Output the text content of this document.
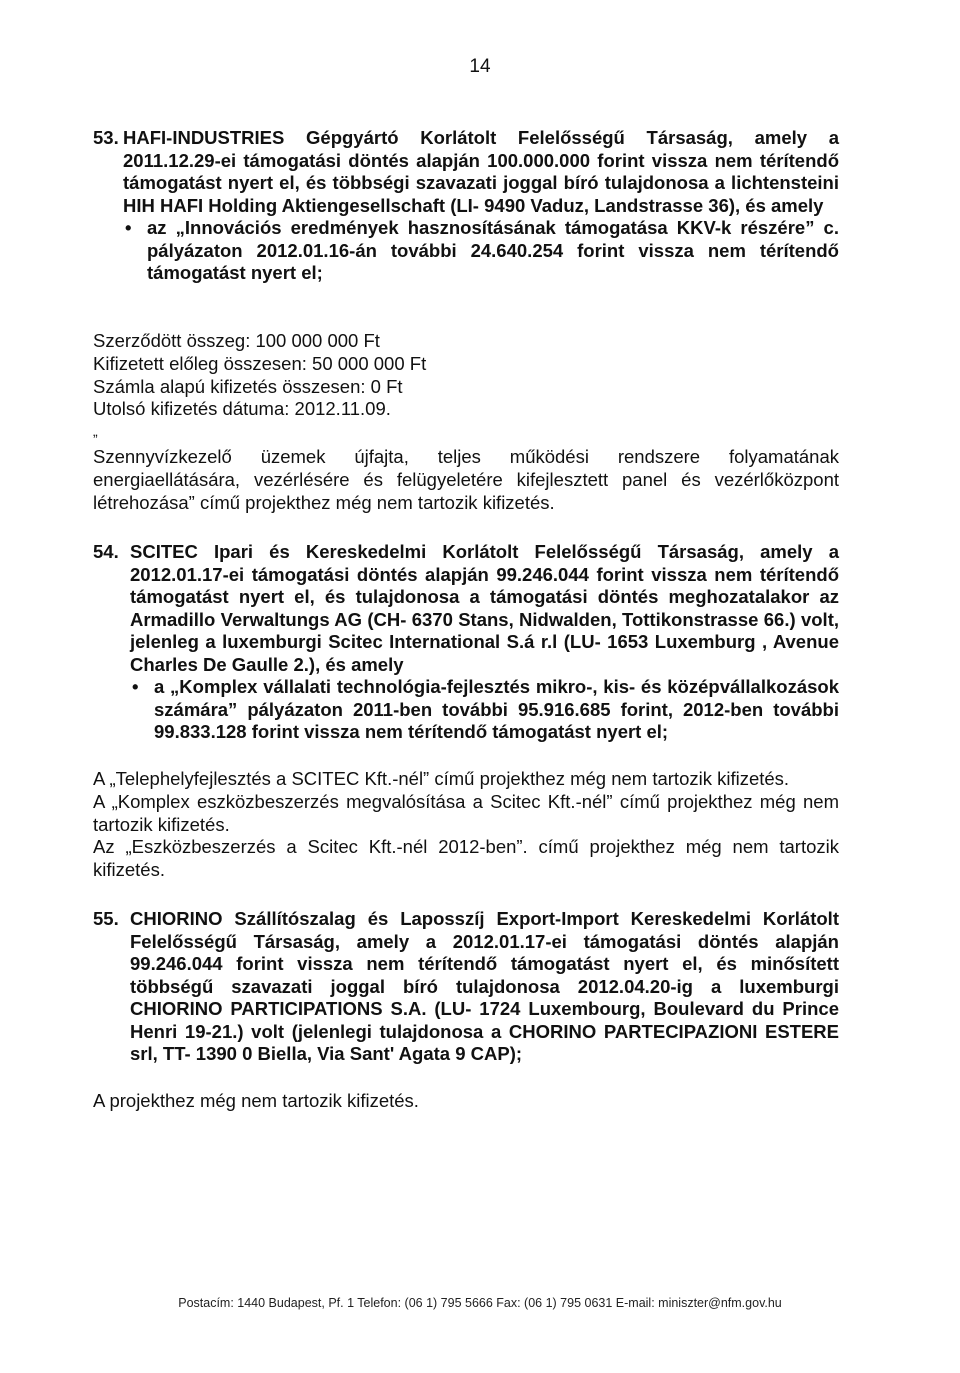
14
53. HAFI-INDUSTRIES Gépgyártó Korlátolt Felelősségű Társaság, amely a 2011.12.29-ei támogatási döntés alapján 100.000.000 forint vissza nem térítendő támogatást nyert el, és többségi szavazati joggal bíró tulajdonosa a lichtensteini HIH HAFI Holding Aktiengesellschaft (LI- 9490 Vaduz, Landstrasse 36), és amely
• az „Innovációs eredmények hasznosításának támogatása KKV-k részére” c. pályázaton 2012.01.16-án további 24.640.254 forint vissza nem térítendő támogatást nyert el;

Szerződött összeg: 100 000 000 Ft

Kifizetett előleg összesen: 50 000 000 Ft

Számla alapú kifizetés összesen: 0 Ft

Utolsó kifizetés dátuma: 2012.11.09.

„

Szennyvízkezelő üzemek újfajta, teljes működési rendszere folyamatának energiaellátására, vezérlésére és felügyeletére kifejlesztett panel és vezérlőközpont létrehozása” című projekthez még nem tartozik kifizetés.

54. SCITEC Ipari és Kereskedelmi Korlátolt Felelősségű Társaság, amely a 2012.01.17-ei támogatási döntés alapján 99.246.044 forint vissza nem térítendő támogatást nyert el, és tulajdonosa a támogatási döntés meghozatalakor az Armadillo Verwaltungs AG (CH- 6370 Stans, Nidwalden, Tottikonstrasse 66.) volt, jelenleg a luxemburgi Scitec International S.á r.l (LU- 1653 Luxemburg , Avenue Charles De Gaulle 2.), és amely
• a „Komplex vállalati technológia-fejlesztés mikro-, kis- és középvállalkozások számára” pályázaton 2011-ben további 95.916.685 forint, 2012-ben további 99.833.128 forint vissza nem térítendő támogatást nyert el;

A „Telephelyfejlesztés a SCITEC Kft.-nél” című projekthez még nem tartozik kifizetés.

A „Komplex eszközbeszerzés megvalósítása a Scitec Kft.-nél” című projekthez még nem tartozik kifizetés.

Az „Eszközbeszerzés a Scitec Kft.-nél 2012-ben”. című projekthez még nem tartozik kifizetés.

55. CHIORINO Szállítószalag és Laposszíj Export-Import Kereskedelmi Korlátolt Felelősségű Társaság, amely a 2012.01.17-ei támogatási döntés alapján 99.246.044 forint vissza nem térítendő támogatást nyert el, és minősített többségű szavazati joggal bíró tulajdonosa 2012.04.20-ig a luxemburgi CHIORINO PARTICIPATIONS S.A. (LU- 1724 Luxembourg, Boulevard du Prince Henri 19-21.) volt (jelenlegi tulajdonosa a CHORINO PARTECIPAZIONI ESTERE srl, TT- 1390 0 Biella, Via Sant' Agata 9 CAP);

A projekthez még nem tartozik kifizetés.

Postacím: 1440 Budapest, Pf. 1 Telefon: (06 1) 795 5666 Fax: (06 1) 795 0631 E-mail: miniszter@nfm.gov.hu
